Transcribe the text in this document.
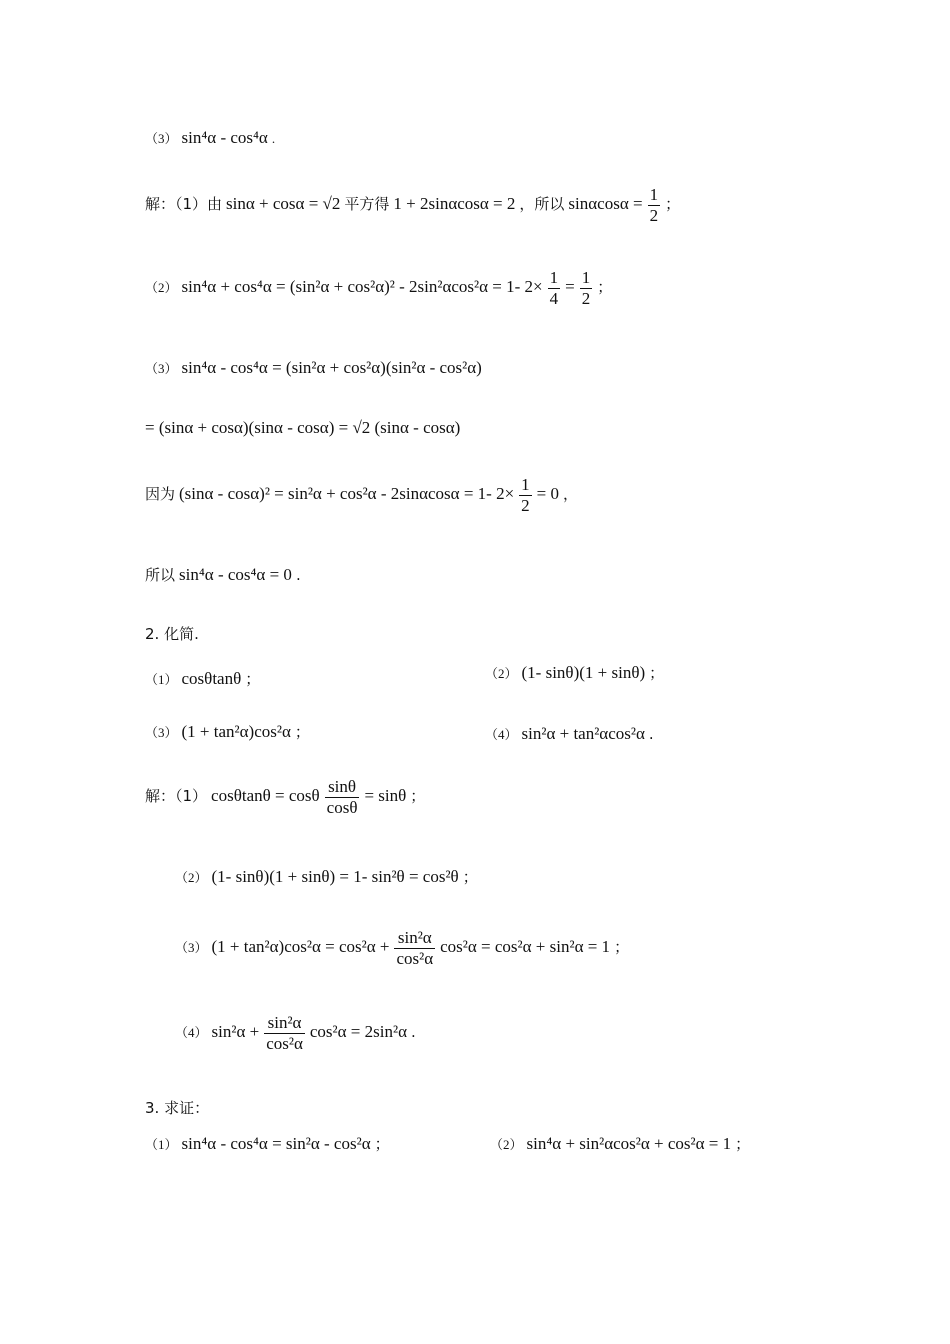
（3） sin⁴α - cos⁴α .
解：（1）由 sinα + cosα = √2 平方得 1 + 2sinαcosα = 2 ，所以 $\sin\alpha\cos\alpha = \frac{1}{2}$ ；
（2） sin⁴α + cos⁴α = (sin²α + cos²α)² - 2sin²αcos²α = 1- $2\times \frac{1}{4} = \frac{1}{2}$ ；
（3） sin⁴α - cos⁴α = (sin²α + cos²α)(sin²α - cos²α)
= (sinα + cosα)(sinα - cosα) = √2 (sinα - cosα)
因为 (sinα - cosα)² = sin²α + cos²α - 2sinαcosα = 1- $2\times \frac{1}{2} = 0$ ，
所以 sin⁴α - cos⁴α = 0 .
2. 化简.
（1） cosθtanθ ；	（2） (1- sinθ)(1 + sinθ) ；
（3） (1 + tan²α)cos²α ；	（4） sin²α + tan²αcos²α .
解：（1） cosθtanθ = cosθ $\frac{\sin\theta}{\cos\theta} = \sin\theta$ ；
（2） (1- sinθ)(1 + sinθ) = 1- sin²θ = cos²θ ；
（3） $(1 + \tan^2\alpha)\cos^2\alpha = \cos^2\alpha + \frac{\text{sin²α}}{\text{cos²α}} \cos^2\alpha = \cos^2\alpha + \sin^2\alpha = 1$ ；
（4） $\sin^2\alpha + \frac{\text{sin²α}}{\text{cos²α}} \cos^2\alpha = 2\sin^2\alpha$ .
3. 求证：
（1） sin⁴α - cos⁴α = sin²α - cos²α ；	（2） sin⁴α + sin²αcos²α + cos²α = 1 ；
